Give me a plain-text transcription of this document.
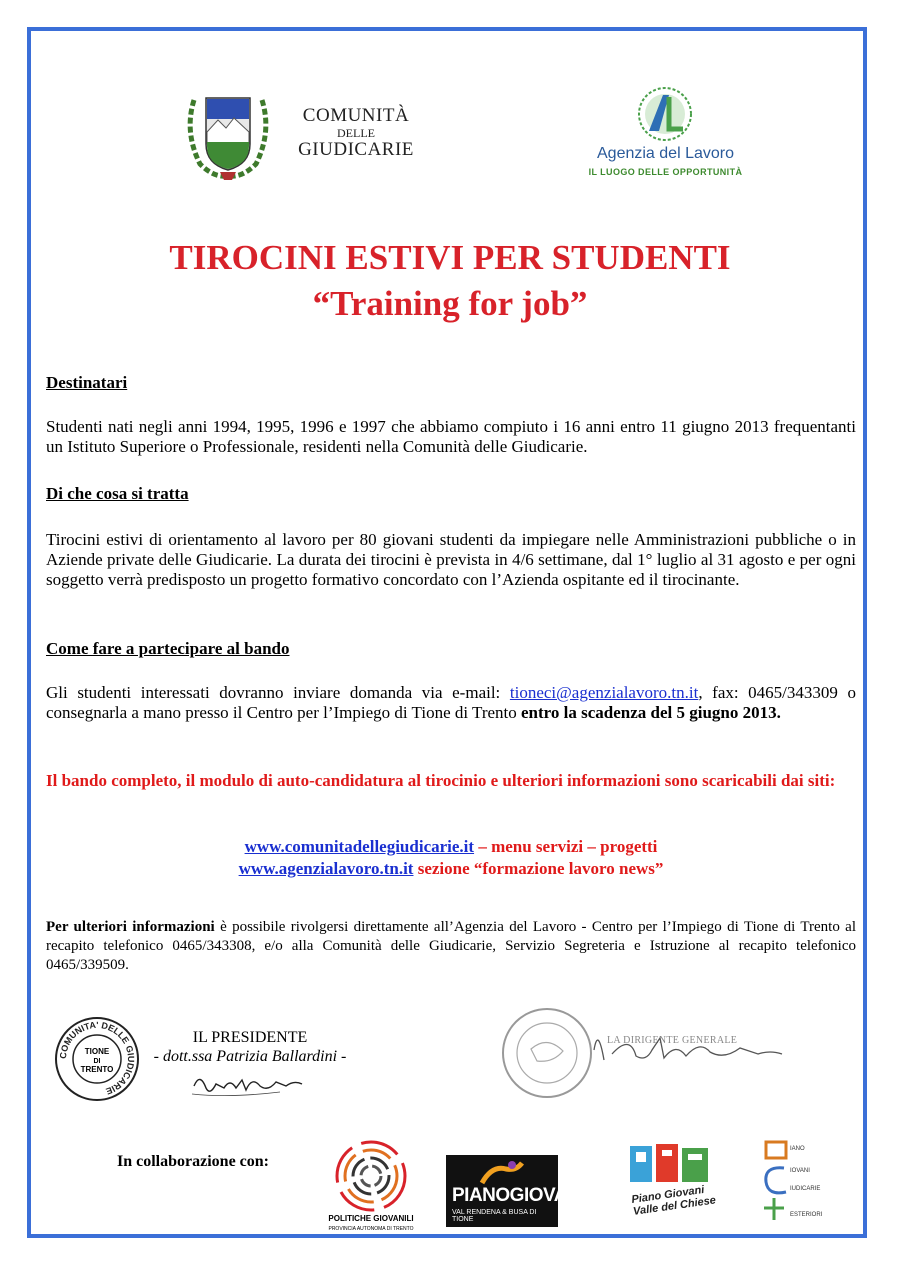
COMUNITÀ
DELLE
GIUDICARIE	Agenzia del Lavoro
IL LUOGO DELLE OPPORTUNITÀ
TIROCINI ESTIVI PER STUDENTI
“Training for job”
Destinatari
Studenti nati negli anni 1994, 1995, 1996 e 1997 che abbiamo compiuto i 16 anni entro 11 giugno 2013 frequentanti un Istituto Superiore o Professionale, residenti nella Comunità delle Giudicarie.
Di che cosa si tratta
Tirocini estivi di orientamento al lavoro per 80 giovani studenti da impiegare nelle Amministrazioni pubbliche o in Aziende private delle Giudicarie. La durata dei tirocini è prevista in 4/6 settimane, dal 1° luglio al 31 agosto e per ogni soggetto verrà predisposto un progetto formativo concordato con l’Azienda ospitante ed il tirocinante.
Come fare a partecipare al bando
Gli studenti interessati dovranno inviare domanda via e-mail: tioneci@agenzialavoro.tn.it, fax: 0465/343309 o consegnarla a mano presso il Centro per l’Impiego di Tione di Trento entro la scadenza del 5 giugno 2013.
Il bando completo, il modulo di auto-candidatura al tirocinio e ulteriori informazioni sono scaricabili dai siti:
www.comunitadellegiudicarie.it – menu servizi – progetti
www.agenzialavoro.tn.it sezione “formazione lavoro news”
Per ulteriori informazioni è possibile rivolgersi direttamente all’Agenzia del Lavoro - Centro per l’Impiego di Tione di Trento al recapito telefonico 0465/343308, e/o alla Comunità delle Giudicarie, Servizio Segreteria e Istruzione al recapito telefonico 0465/339509.
COMUNITA' DELLE GIUDICARIE
TIONE
DI
TRENTO
IL PRESIDENTE
- dott.ssa Patrizia Ballardini -
LA DIRIGENTE GENERALE
In collaborazione con:
POLITICHE GIOVANILI
PROVINCIA AUTONOMA DI TRENTO
PIANOGIOVANI
VAL RENDENA & BUSA DI TIONE
Piano Giovani Valle del Chiese
IANO
IOVANI
IUDICARIE
ESTERIORI
